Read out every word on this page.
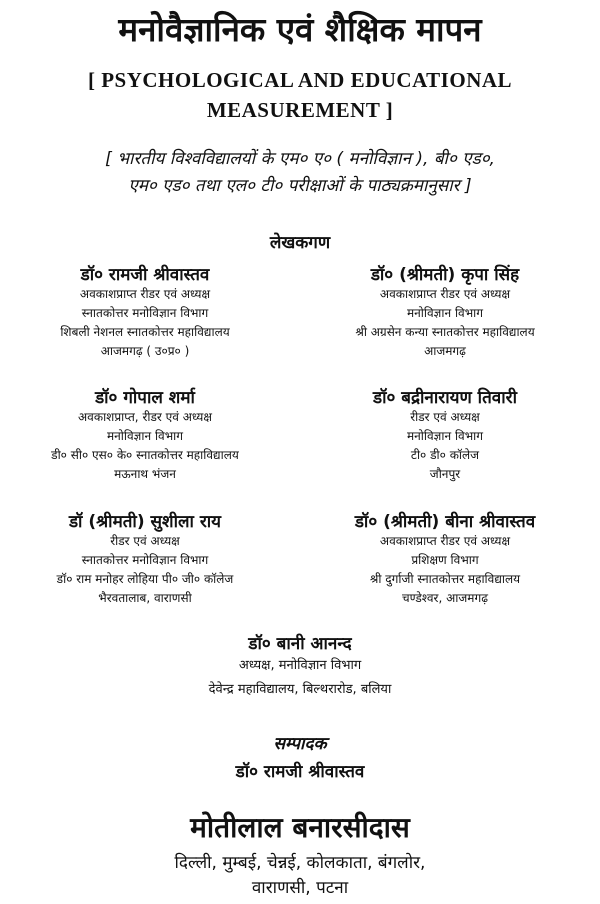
मनोवैज्ञानिक एवं शैक्षिक मापन
[ PSYCHOLOGICAL AND EDUCATIONAL
MEASUREMENT ]
[ भारतीय विश्वविद्यालयों के एम० ए० ( मनोविज्ञान ), बी० एड०,
एम० एड० तथा एल० टी० परीक्षाओं के पाठ्यक्रमानुसार ]
लेखकगण
डॉ० रामजी श्रीवास्तव
अवकाशप्राप्त रीडर एवं अध्यक्ष
स्नातकोत्तर मनोविज्ञान विभाग
शिबली नेशनल स्नातकोत्तर महाविद्यालय
आजमगढ़ ( उ०प्र० )
डॉ० (श्रीमती) कृपा सिंह
अवकाशप्राप्त रीडर एवं अध्यक्ष
मनोविज्ञान विभाग
श्री अग्रसेन कन्या स्नातकोत्तर महाविद्यालय
आजमगढ़
डॉ० गोपाल शर्मा
अवकाशप्राप्त, रीडर एवं अध्यक्ष
मनोविज्ञान विभाग
डी० सी० एस० के० स्नातकोत्तर महाविद्यालय
मऊनाथ भंजन
डॉ० बद्रीनारायण तिवारी
रीडर एवं अध्यक्ष
मनोविज्ञान विभाग
टी० डी० कॉलेज
जौनपुर
डॉ (श्रीमती) सुशीला राय
रीडर एवं अध्यक्ष
स्नातकोत्तर मनोविज्ञान विभाग
डॉ० राम मनोहर लोहिया पी० जी० कॉलेज
भैरवतालाब, वाराणसी
डॉ० (श्रीमती) बीना श्रीवास्तव
अवकाशप्राप्त रीडर एवं अध्यक्ष
प्रशिक्षण विभाग
श्री दुर्गाजी स्नातकोत्तर महाविद्यालय
चण्डेश्वर, आजमगढ़
डॉ० बानी आनन्द
अध्यक्ष, मनोविज्ञान विभाग
देवेन्द्र महाविद्यालय, बिल्थरारोड, बलिया
सम्पादक
डॉ० रामजी श्रीवास्तव
मोतीलाल बनारसीदास
दिल्ली, मुम्बई, चेन्नई, कोलकाता, बंगलोर,
वाराणसी, पटना
